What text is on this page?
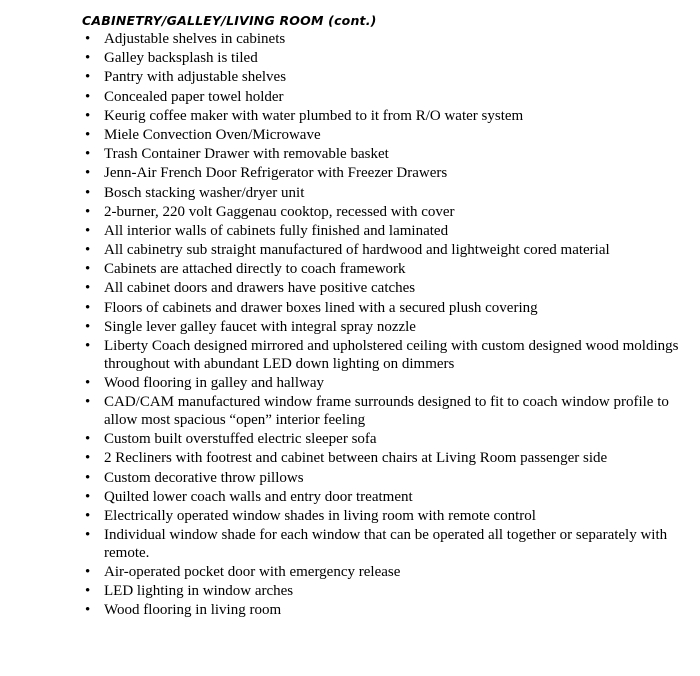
CABINETRY/GALLEY/LIVING ROOM (cont.)
• Adjustable shelves in cabinets
• Galley backsplash is tiled
• Pantry with adjustable shelves
• Concealed paper towel holder
• Keurig coffee maker with water plumbed to it from R/O water system
• Miele Convection Oven/Microwave
• Trash Container Drawer with removable basket
• Jenn-Air French Door Refrigerator with Freezer Drawers
• Bosch stacking washer/dryer unit
• 2-burner, 220 volt Gaggenau cooktop, recessed with cover
• All interior walls of cabinets fully finished and laminated
• All cabinetry sub straight manufactured of hardwood and lightweight cored material
• Cabinets are attached directly to coach framework
• All cabinet doors and drawers have positive catches
• Floors of cabinets and drawer boxes lined with a secured plush covering
• Single lever galley faucet with integral spray nozzle
• Liberty Coach designed mirrored and upholstered ceiling with custom designed wood moldings throughout with abundant LED down lighting on dimmers
• Wood flooring in galley and hallway
• CAD/CAM manufactured window frame surrounds designed to fit to coach window profile to allow most spacious “open” interior feeling
• Custom built overstuffed electric sleeper sofa
• 2 Recliners with footrest and cabinet between chairs at Living Room passenger side
• Custom decorative throw pillows
• Quilted lower coach walls and entry door treatment
• Electrically operated window shades in living room with remote control
• Individual window shade for each window that can be operated all together or separately with remote.
• Air-operated pocket door with emergency release
• LED lighting in window arches
• Wood flooring in living room
